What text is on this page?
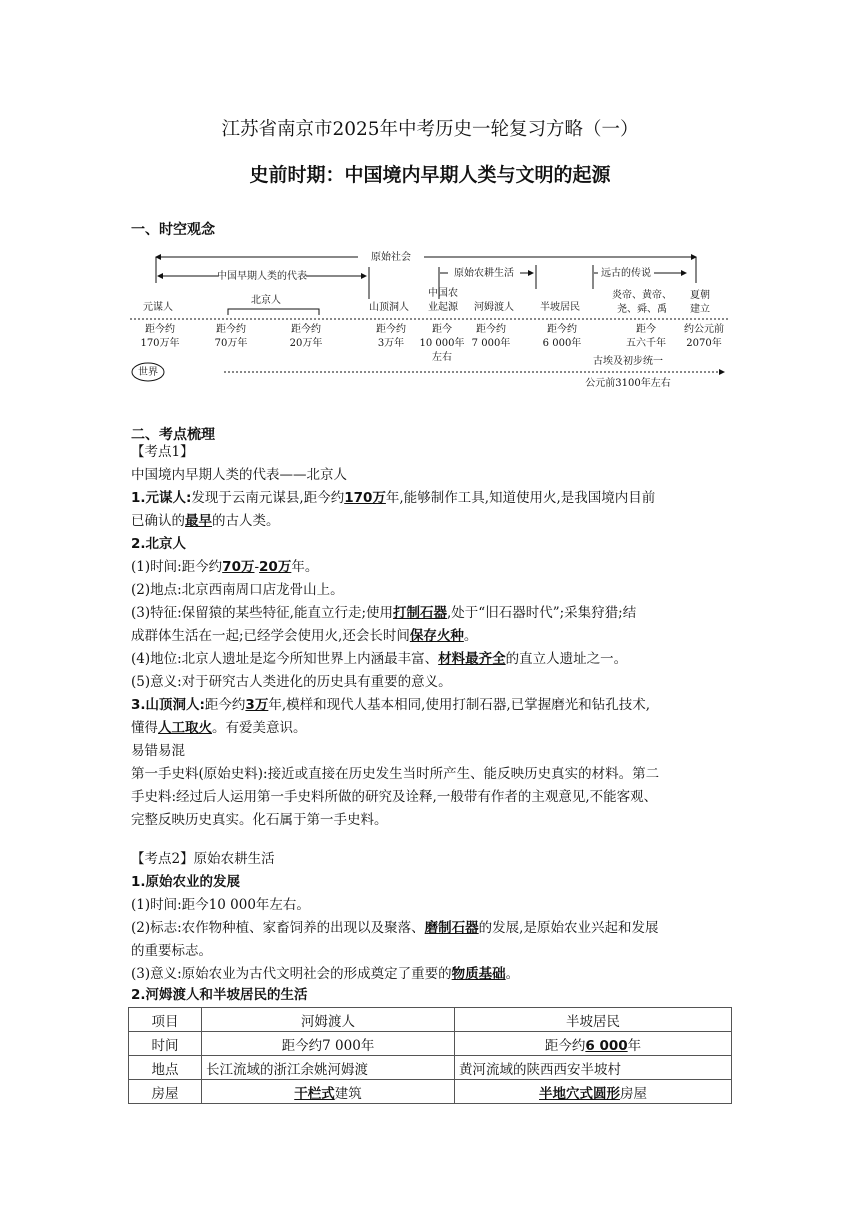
江苏省南京市2025年中考历史一轮复习方略（一）
史前时期：中国境内早期人类与文明的起源
一、时空观念
原始社会
中国早期人类的代表	原始农耕生活	远古的传说
北京人
元谋人	山顶洞人
中国农
业起源 河姆渡人	半坡居民
炎帝、黄帝、
尧、舜、禹
夏朝
建立
距今约
170万年
距今约
70万年
距今约
20万年
距今约
3万年
距今
10 000年
左右
距今约
7 000年
距今约
6 000年
距今
五六千年
约公元前
2070年
世界
古埃及初步统一
公元前3100年左右
二、考点梳理
【考点1】
中国境内早期人类的代表——北京人
1.元谋人:发现于云南元谋县,距今约170万年,能够制作工具,知道使用火,是我国境内目前
已确认的最早的古人类。
2.北京人
(1)时间:距今约70万-20万年。
(2)地点:北京西南周口店龙骨山上。
(3)特征:保留猿的某些特征,能直立行走;使用打制石器,处于“旧石器时代”;采集狩猎;结
成群体生活在一起;已经学会使用火,还会长时间保存火种。
(4)地位:北京人遗址是迄今所知世界上内涵最丰富、材料最齐全的直立人遗址之一。
(5)意义:对于研究古人类进化的历史具有重要的意义。
3.山顶洞人:距今约3万年,模样和现代人基本相同,使用打制石器,已掌握磨光和钻孔技术,
懂得人工取火。有爱美意识。
易错易混
第一手史料(原始史料):接近或直接在历史发生当时所产生、能反映历史真实的材料。第二
手史料:经过后人运用第一手史料所做的研究及诠释,一般带有作者的主观意见,不能客观、
完整反映历史真实。化石属于第一手史料。
【考点2】原始农耕生活
1.原始农业的发展
(1)时间:距今10 000年左右。
(2)标志:农作物种植、家畜饲养的出现以及聚落、磨制石器的发展,是原始农业兴起和发展
的重要标志。
(3)意义:原始农业为古代文明社会的形成奠定了重要的物质基础。
2.河姆渡人和半坡居民的生活
项目	河姆渡人	半坡居民
时间	距今约7 000年	距今约6 000年
地点	长江流域的浙江余姚河姆渡	黄河流域的陕西西安半坡村
房屋	干栏式建筑	半地穴式圆形房屋
